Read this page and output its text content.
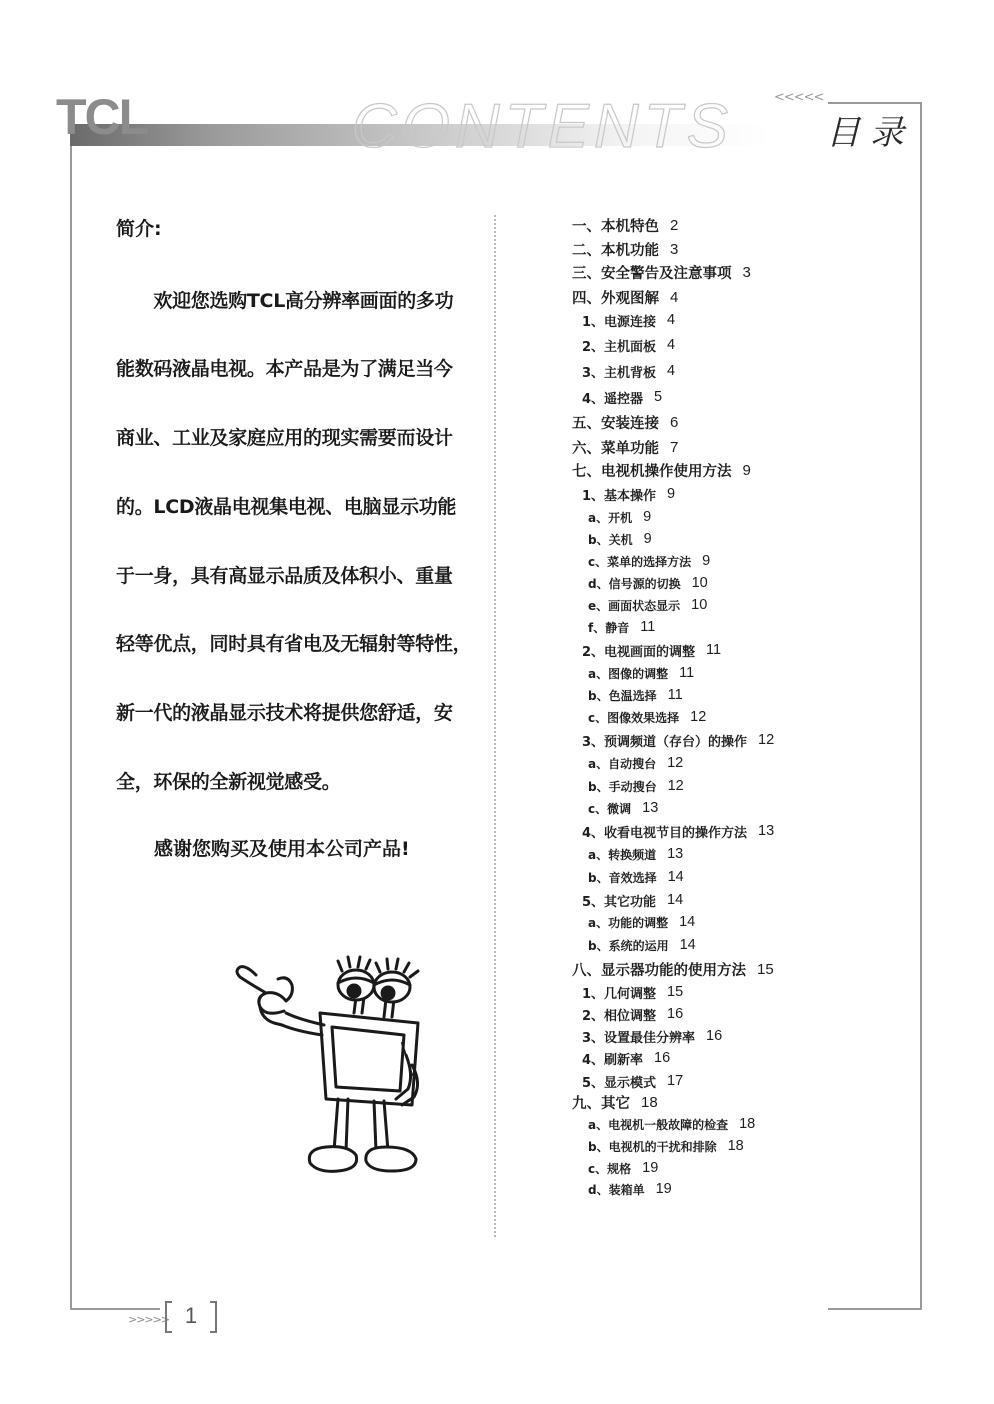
TCL	CONTENTS	<<<<<
目录
简介:
　　欢迎您选购TCL高分辨率画面的多功
能数码液晶电视。本产品是为了满足当今
商业、工业及家庭应用的现实需要而设计
的。LCD液晶电视集电视、电脑显示功能
于一身，具有高显示品质及体积小、重量
轻等优点，同时具有省电及无辐射等特性，
新一代的液晶显示技术将提供您舒适，安
全，环保的全新视觉感受。
感谢您购买及使用本公司产品!
一、本机特色 2
二、本机功能 3
三、安全警告及注意事项 3
四、外观图解 4
1、电源连接 4
2、主机面板 4
3、主机背板 4
4、遥控器 5
五、安装连接 6
六、菜单功能 7
七、电视机操作使用方法 9
1、基本操作 9
a、开机 9
b、关机 9
c、菜单的选择方法 9
d、信号源的切换 10
e、画面状态显示 10
f、静音 11
2、电视画面的调整 11
a、图像的调整 11
b、色温选择 11
c、图像效果选择 12
3、预调频道（存台）的操作 12
a、自动搜台 12
b、手动搜台 12
c、微调 13
4、收看电视节目的操作方法 13
a、转换频道 13
b、音效选择 14
5、其它功能 14
a、功能的调整 14
b、系统的运用 14
八、显示器功能的使用方法 15
1、几何调整 15
2、相位调整 16
3、设置最佳分辨率 16
4、刷新率 16
5、显示模式 17
九、其它 18
a、电视机一般故障的检查 18
b、电视机的干扰和排除 18
c、规格 19
d、装箱单 19
>>>>> 1
